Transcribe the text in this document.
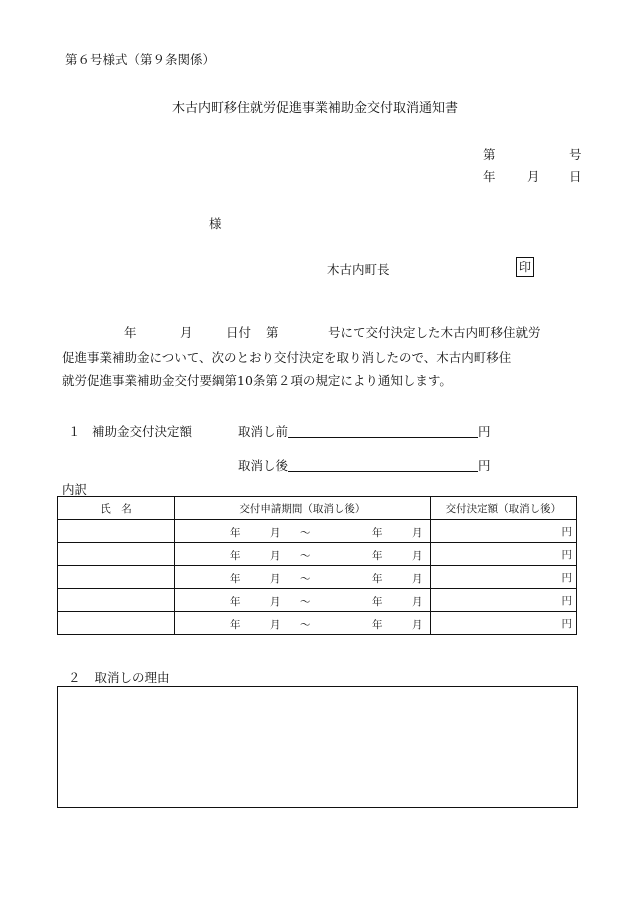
第６号様式（第９条関係）
木古内町移住就労促進事業補助金交付取消通知書
第	号
年	月 日
様
木古内町長	印
年	月	日付 第	号にて交付決定した木古内町移住就労

促進事業補助金について、次のとおり交付決定を取り消したので、木古内町移住

就労促進事業補助金交付要綱第10条第２項の規定により通知します。

１ 補助金交付決定額	取消し前	円
取消し後	円
内訳
氏　名	交付申請期間（取消し後）	交付決定額（取消し後）

	年 月 ～ 年 月	円

	年 月 ～ 年 月	円

	年 月 ～ 年 月	円

	年 月 ～ 年 月	円

	年 月 ～ 年 月	円
２ 取消しの理由
